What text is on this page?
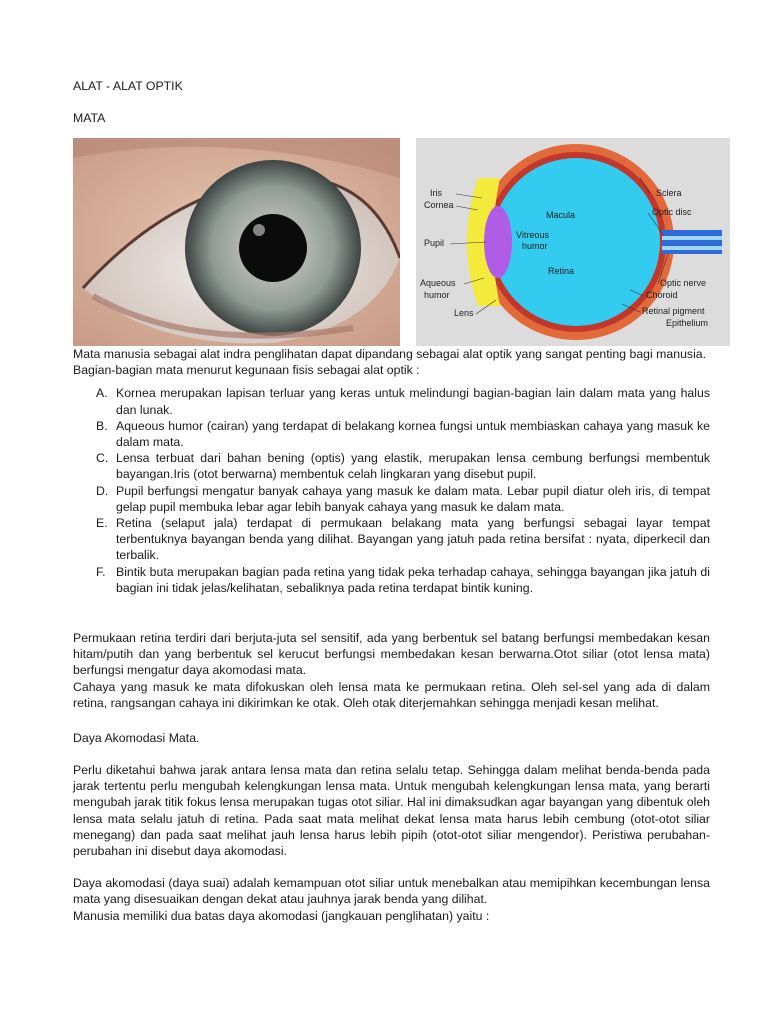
ALAT - ALAT OPTIK
MATA
Iris
Cornea
Pupil
Aqueous
humor
Lens
Macula
Vitreous
humor
Retina
Sclera
Optic disc
Optic nerve
Choroid
Retinal pigment
Epithelium

Mata manusia sebagai alat indra penglihatan dapat dipandang sebagai alat optik yang sangat penting bagi manusia.

Bagian-bagian mata menurut kegunaan fisis sebagai alat optik :

A. Kornea merupakan lapisan terluar yang keras untuk melindungi bagian-bagian lain dalam mata yang halus dan lunak.
B. Aqueous humor (cairan) yang terdapat di belakang kornea fungsi untuk membiaskan cahaya yang masuk ke dalam mata.
C. Lensa terbuat dari bahan bening (optis) yang elastik, merupakan lensa cembung berfungsi membentuk bayangan.Iris (otot berwarna) membentuk celah lingkaran yang disebut pupil.
D. Pupil berfungsi mengatur banyak cahaya yang masuk ke dalam mata. Lebar pupil diatur oleh iris, di tempat gelap pupil membuka lebar agar lebih banyak cahaya yang masuk ke dalam mata.
E. Retina (selaput jala) terdapat di permukaan belakang mata yang berfungsi sebagai layar tempat terbentuknya bayangan benda yang dilihat. Bayangan yang jatuh pada retina bersifat : nyata, diperkecil dan terbalik.
F. Bintik buta merupakan bagian pada retina yang tidak peka terhadap cahaya, sehingga bayangan jika jatuh di bagian ini tidak jelas/kelihatan, sebaliknya pada retina terdapat bintik kuning.

Permukaan retina terdiri dari berjuta-juta sel sensitif, ada yang berbentuk sel batang berfungsi membedakan kesan hitam/putih dan yang berbentuk sel kerucut berfungsi membedakan kesan berwarna.Otot siliar (otot lensa mata) berfungsi mengatur daya akomodasi mata.

Cahaya yang masuk ke mata difokuskan oleh lensa mata ke permukaan retina. Oleh sel-sel yang ada di dalam retina, rangsangan cahaya ini dikirimkan ke otak. Oleh otak diterjemahkan sehingga menjadi kesan melihat.

Daya Akomodasi Mata.

Perlu diketahui bahwa jarak antara lensa mata dan retina selalu tetap. Sehingga dalam melihat benda-benda pada jarak tertentu perlu mengubah kelengkungan lensa mata. Untuk mengubah kelengkungan lensa mata, yang berarti mengubah jarak titik fokus lensa merupakan tugas otot siliar. Hal ini dimaksudkan agar bayangan yang dibentuk oleh lensa mata selalu jatuh di retina. Pada saat mata melihat dekat lensa mata harus lebih cembung (otot-otot siliar menegang) dan pada saat melihat jauh lensa harus lebih pipih (otot-otot siliar mengendor). Peristiwa perubahan-perubahan ini disebut daya akomodasi.

Daya akomodasi (daya suai) adalah kemampuan otot siliar untuk menebalkan atau memipihkan kecembungan lensa mata yang disesuaikan dengan dekat atau jauhnya jarak benda yang dilihat.

Manusia memiliki dua batas daya akomodasi (jangkauan penglihatan) yaitu :
